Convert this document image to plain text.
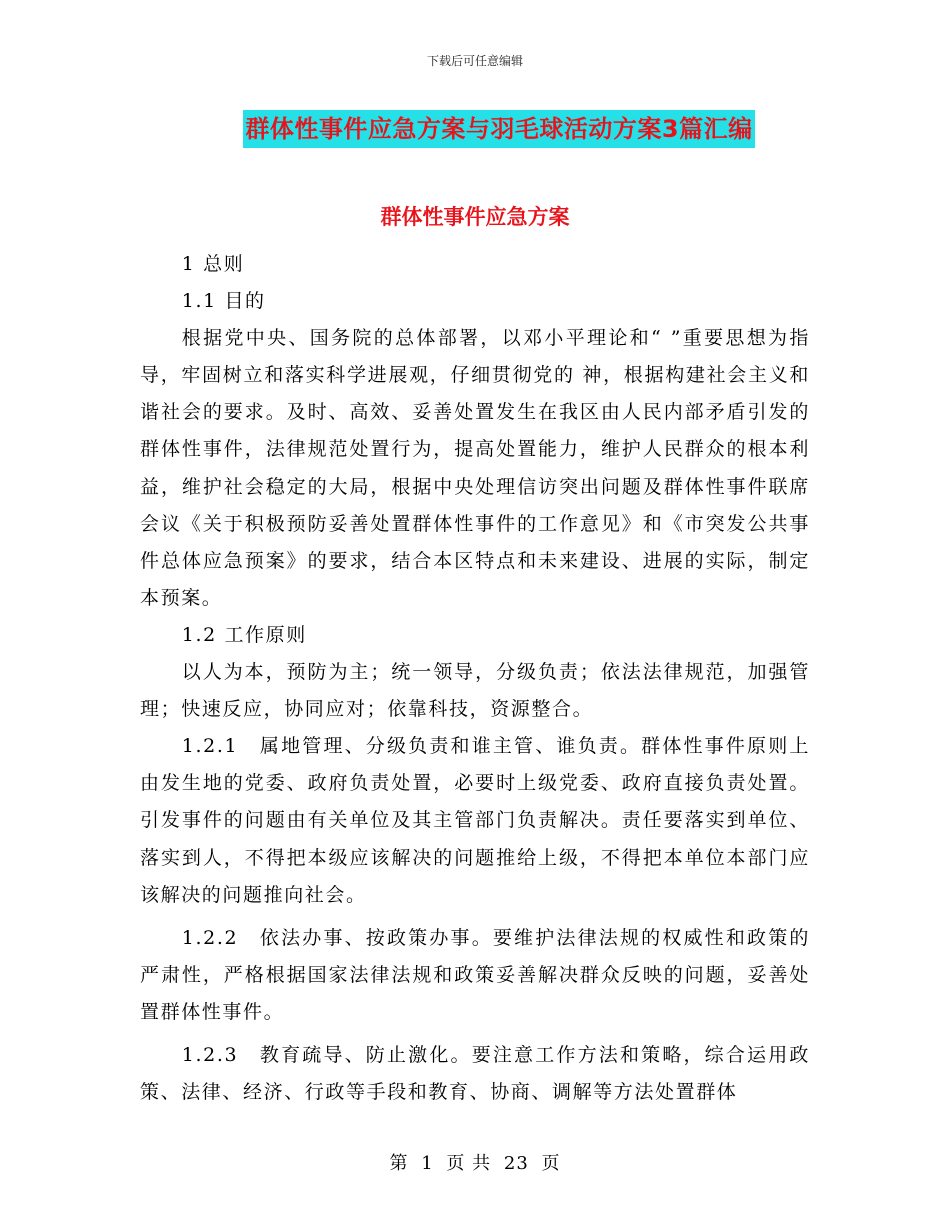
下载后可任意编辑
群体性事件应急方案与羽毛球活动方案3篇汇编
群体性事件应急方案

1 总则

1.1 目的

根据党中央、国务院的总体部署，以邓小平理论和“ ”重要思想为指导，牢固树立和落实科学进展观，仔细贯彻党的 神，根据构建社会主义和谐社会的要求。及时、高效、妥善处置发生在我区由人民内部矛盾引发的群体性事件，法律规范处置行为，提高处置能力，维护人民群众的根本利益，维护社会稳定的大局，根据中央处理信访突出问题及群体性事件联席会议《关于积极预防妥善处置群体性事件的工作意见》和《市突发公共事件总体应急预案》的要求，结合本区特点和未来建设、进展的实际，制定本预案。

1.2 工作原则

以人为本，预防为主；统一领导，分级负责；依法法律规范，加强管理；快速反应，协同应对；依靠科技，资源整合。

1.2.1　属地管理、分级负责和谁主管、谁负责。群体性事件原则上由发生地的党委、政府负责处置，必要时上级党委、政府直接负责处置。引发事件的问题由有关单位及其主管部门负责解决。责任要落实到单位、落实到人，不得把本级应该解决的问题推给上级，不得把本单位本部门应该解决的问题推向社会。

1.2.2　依法办事、按政策办事。要维护法律法规的权威性和政策的严肃性，严格根据国家法律法规和政策妥善解决群众反映的问题，妥善处置群体性事件。

1.2.3　教育疏导、防止激化。要注意工作方法和策略，综合运用政策、法律、经济、行政等手段和教育、协商、调解等方法处置群体

第 1 页 共 23 页
